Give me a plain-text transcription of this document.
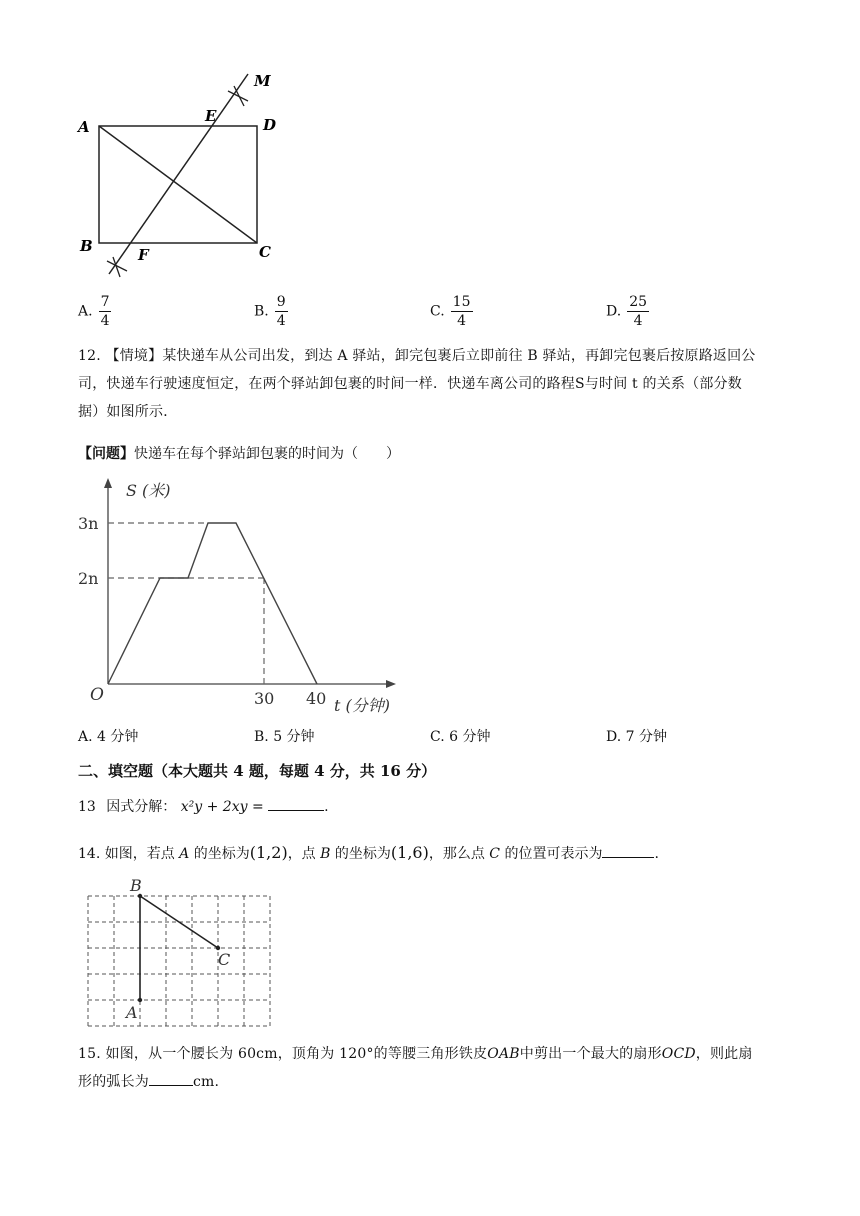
M
E
A	D
B	F	C
A. $\frac{7}{4}$	B. $\frac{9}{4}$	C. $\frac{15}{4}$	D. $\frac{25}{4}$
12. 【情境】某快递车从公司出发，到达 A 驿站，卸完包裹后立即前往 B 驿站，再卸完包裹后按原路返回公
司，快递车行驶速度恒定，在两个驿站卸包裹的时间一样．快递车离公司的路程S与时间 t 的关系（部分数
据）如图所示．
【问题】快递车在每个驿站卸包裹的时间为（　　）
S (米)
3n
2n
O	30 40 t (分钟)
A. 4 分钟	B. 5 分钟	C. 6 分钟	D. 7 分钟
二、填空题（本大题共 4 题，每题 4 分，共 16 分）
13 因式分解： x²y + 2xy =	.
14. 如图，若点 A 的坐标为(1,2)，点 B 的坐标为(1,6)，那么点 C 的位置可表示为	.
B
C
A
15. 如图，从一个腰长为 60cm，顶角为 120°的等腰三角形铁皮OAB中剪出一个最大的扇形OCD，则此扇
形的弧长为	cm.
